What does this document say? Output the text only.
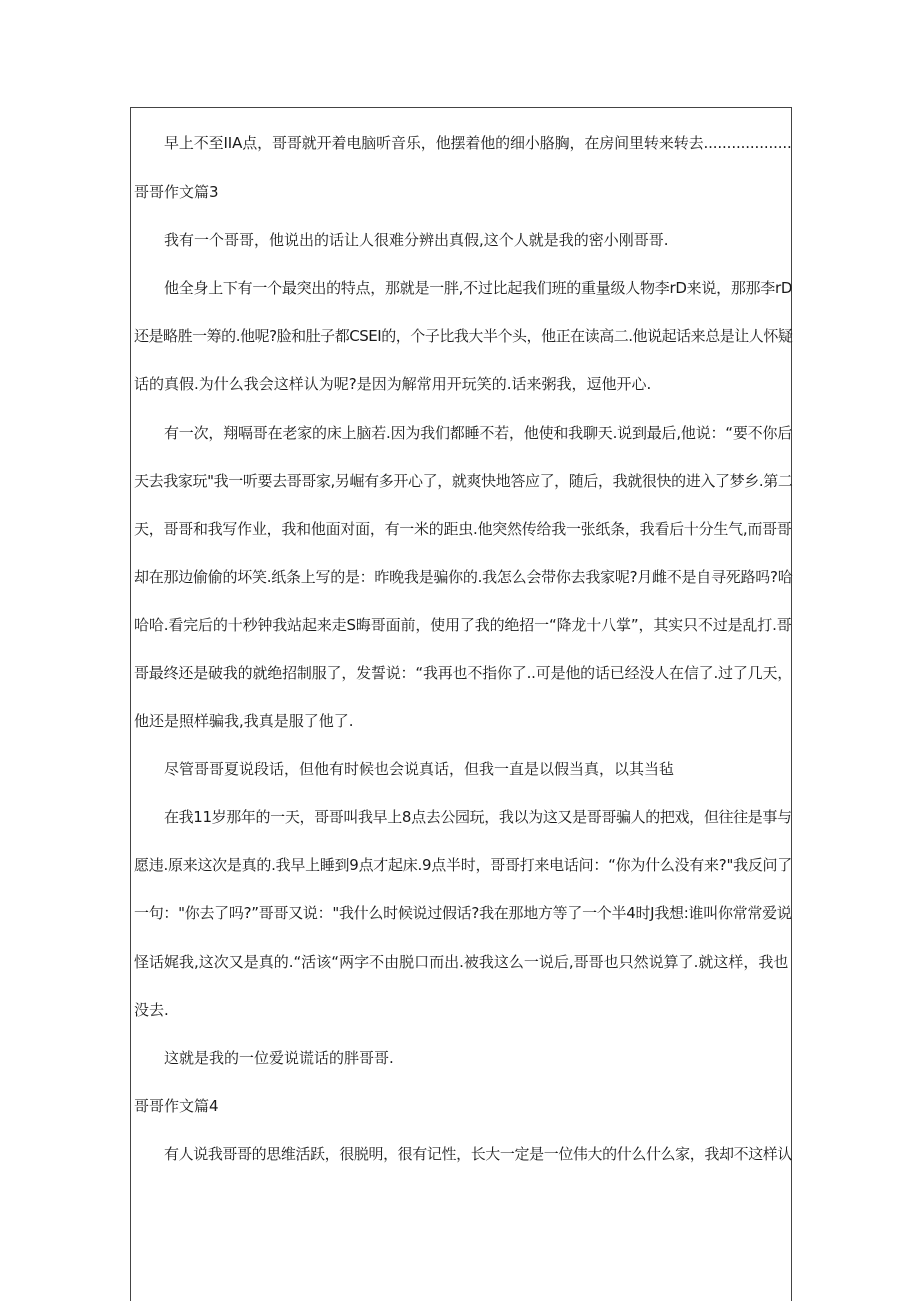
早上不至IIA点，哥哥就开着电脑听音乐，他摆着他的细小胳胸，在房间里转来转去...................
哥哥作文篇3
我有一个哥哥，他说出的话让人很难分辨出真假,这个人就是我的密小刚哥哥.
他全身上下有一个最突出的特点，那就是一胖,不过比起我们班的重量级人物李rD来说，那那李rD
还是略胜一筹的.他呢?脸和肚子都CSEI的，个子比我大半个头，他正在读高二.他说起话来总是让人怀疑
话的真假.为什么我会这样认为呢?是因为解常用开玩笑的.话来粥我，逗他开心.
有一次，翔嗝哥在老家的床上脑若.因为我们都睡不若，他使和我聊天.说到最后,他说：“要不你后
天去我家玩"我一听要去哥哥家,另崛有多开心了，就爽快地答应了，随后，我就很快的进入了梦乡.第二
天，哥哥和我写作业，我和他面对面，有一米的距虫.他突然传给我一张纸条，我看后十分生气,而哥哥
却在那边偷偷的坏笑.纸条上写的是：昨晚我是骗你的.我怎么会带你去我家呢?月雌不是自寻死路吗?哈
哈哈.看完后的十秒钟我站起来走S晦哥面前，使用了我的绝招一“降龙十八掌”，其实只不过是乱打.哥
哥最终还是破我的就绝招制服了，发誓说：“我再也不指你了..可是他的话已经没人在信了.过了几天，
他还是照样骗我,我真是服了他了.
尽管哥哥夏说段话，但他有时候也会说真话，但我一直是以假当真，以其当毡
在我11岁那年的一天，哥哥叫我早上8点去公园玩，我以为这又是哥哥骗人的把戏，但往往是事与
愿违.原来这次是真的.我早上睡到9点才起床.9点半时，哥哥打来电话问：“你为什么没有来?"我反问了
一句："你去了吗?”哥哥又说："我什么时候说过假话?我在那地方等了一个半4时J我想:谁叫你常常爱说
怪话娓我,这次又是真的.“活该“两字不由脱口而出.被我这么一说后,哥哥也只然说算了.就这样，我也
没去.
这就是我的一位爱说谎话的胖哥哥.
哥哥作文篇4
有人说我哥哥的思维活跃，很脱明，很有记性，长大一定是一位伟大的什么什么家，我却不这样认
